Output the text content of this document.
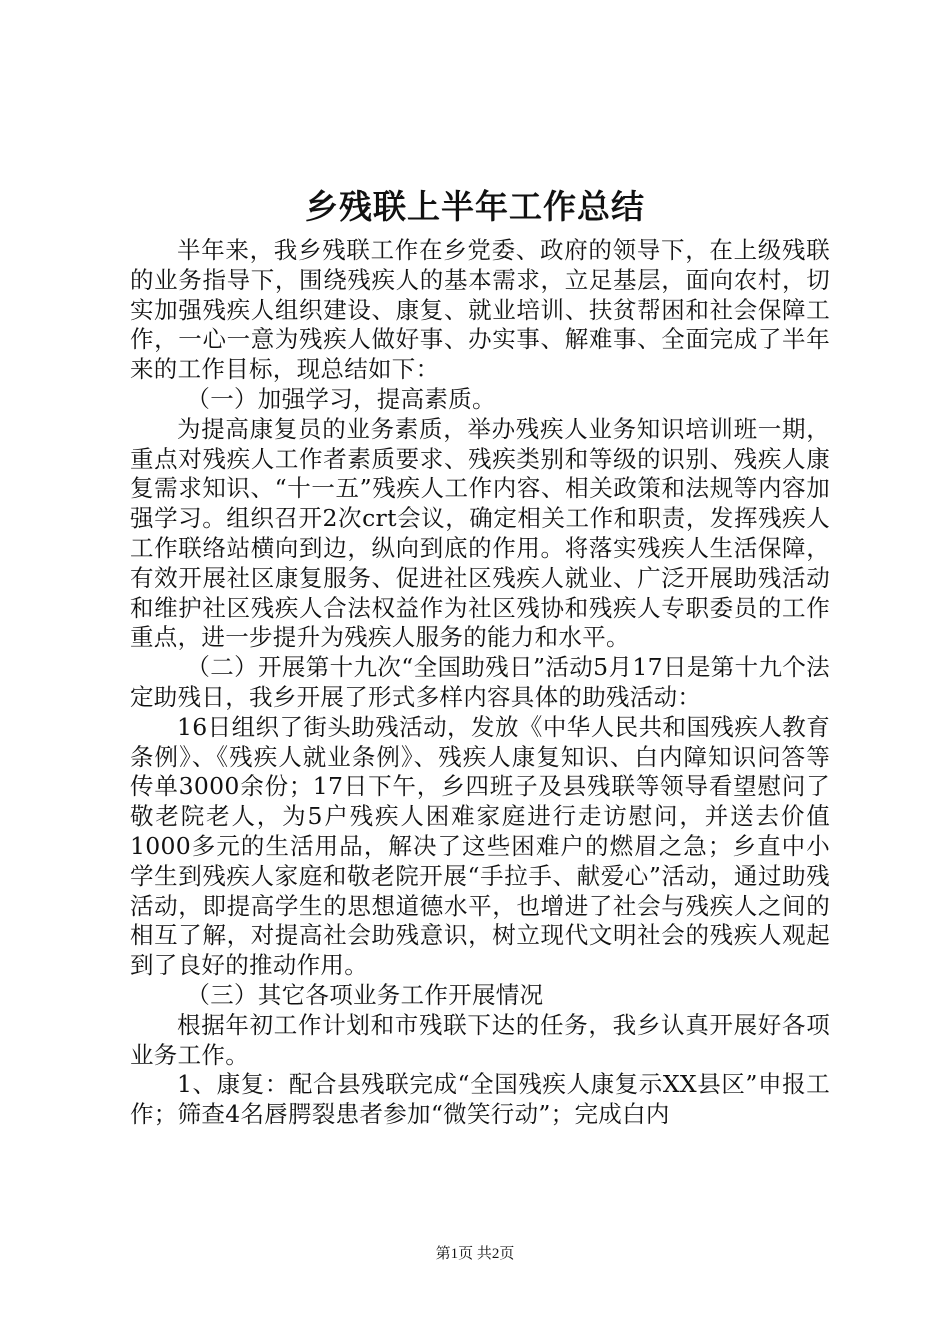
乡残联上半年工作总结

半年来，我乡残联工作在乡党委、政府的领导下，在上级残联的业务指导下，围绕残疾人的基本需求，立足基层，面向农村，切实加强残疾人组织建设、康复、就业培训、扶贫帮困和社会保障工作，一心一意为残疾人做好事、办实事、解难事、全面完成了半年来的工作目标，现总结如下：

（一）加强学习，提高素质。

为提高康复员的业务素质，举办残疾人业务知识培训班一期，重点对残疾人工作者素质要求、残疾类别和等级的识别、残疾人康复需求知识、“十一五”残疾人工作内容、相关政策和法规等内容加强学习。组织召开2次crt会议，确定相关工作和职责，发挥残疾人工作联络站横向到边，纵向到底的作用。将落实残疾人生活保障，有效开展社区康复服务、促进社区残疾人就业、广泛开展助残活动和维护社区残疾人合法权益作为社区残协和残疾人专职委员的工作重点，进一步提升为残疾人服务的能力和水平。

（二）开展第十九次“全国助残日”活动5月17日是第十九个法定助残日，我乡开展了形式多样内容具体的助残活动：

16日组织了街头助残活动，发放《中华人民共和国残疾人教育条例》、《残疾人就业条例》、残疾人康复知识、白内障知识问答等传单3000余份；17日下午，乡四班子及县残联等领导看望慰问了敬老院老人，为5户残疾人困难家庭进行走访慰问，并送去价值1000多元的生活用品，解决了这些困难户的燃眉之急；乡直中小学生到残疾人家庭和敬老院开展“手拉手、献爱心”活动，通过助残活动，即提高学生的思想道德水平，也增进了社会与残疾人之间的相互了解，对提高社会助残意识，树立现代文明社会的残疾人观起到了良好的推动作用。

（三）其它各项业务工作开展情况

根据年初工作计划和市残联下达的任务，我乡认真开展好各项业务工作。

1、康复：配合县残联完成“全国残疾人康复示XX县区”申报工作；筛查4名唇腭裂患者参加“微笑行动”；完成白内

第1页 共2页
